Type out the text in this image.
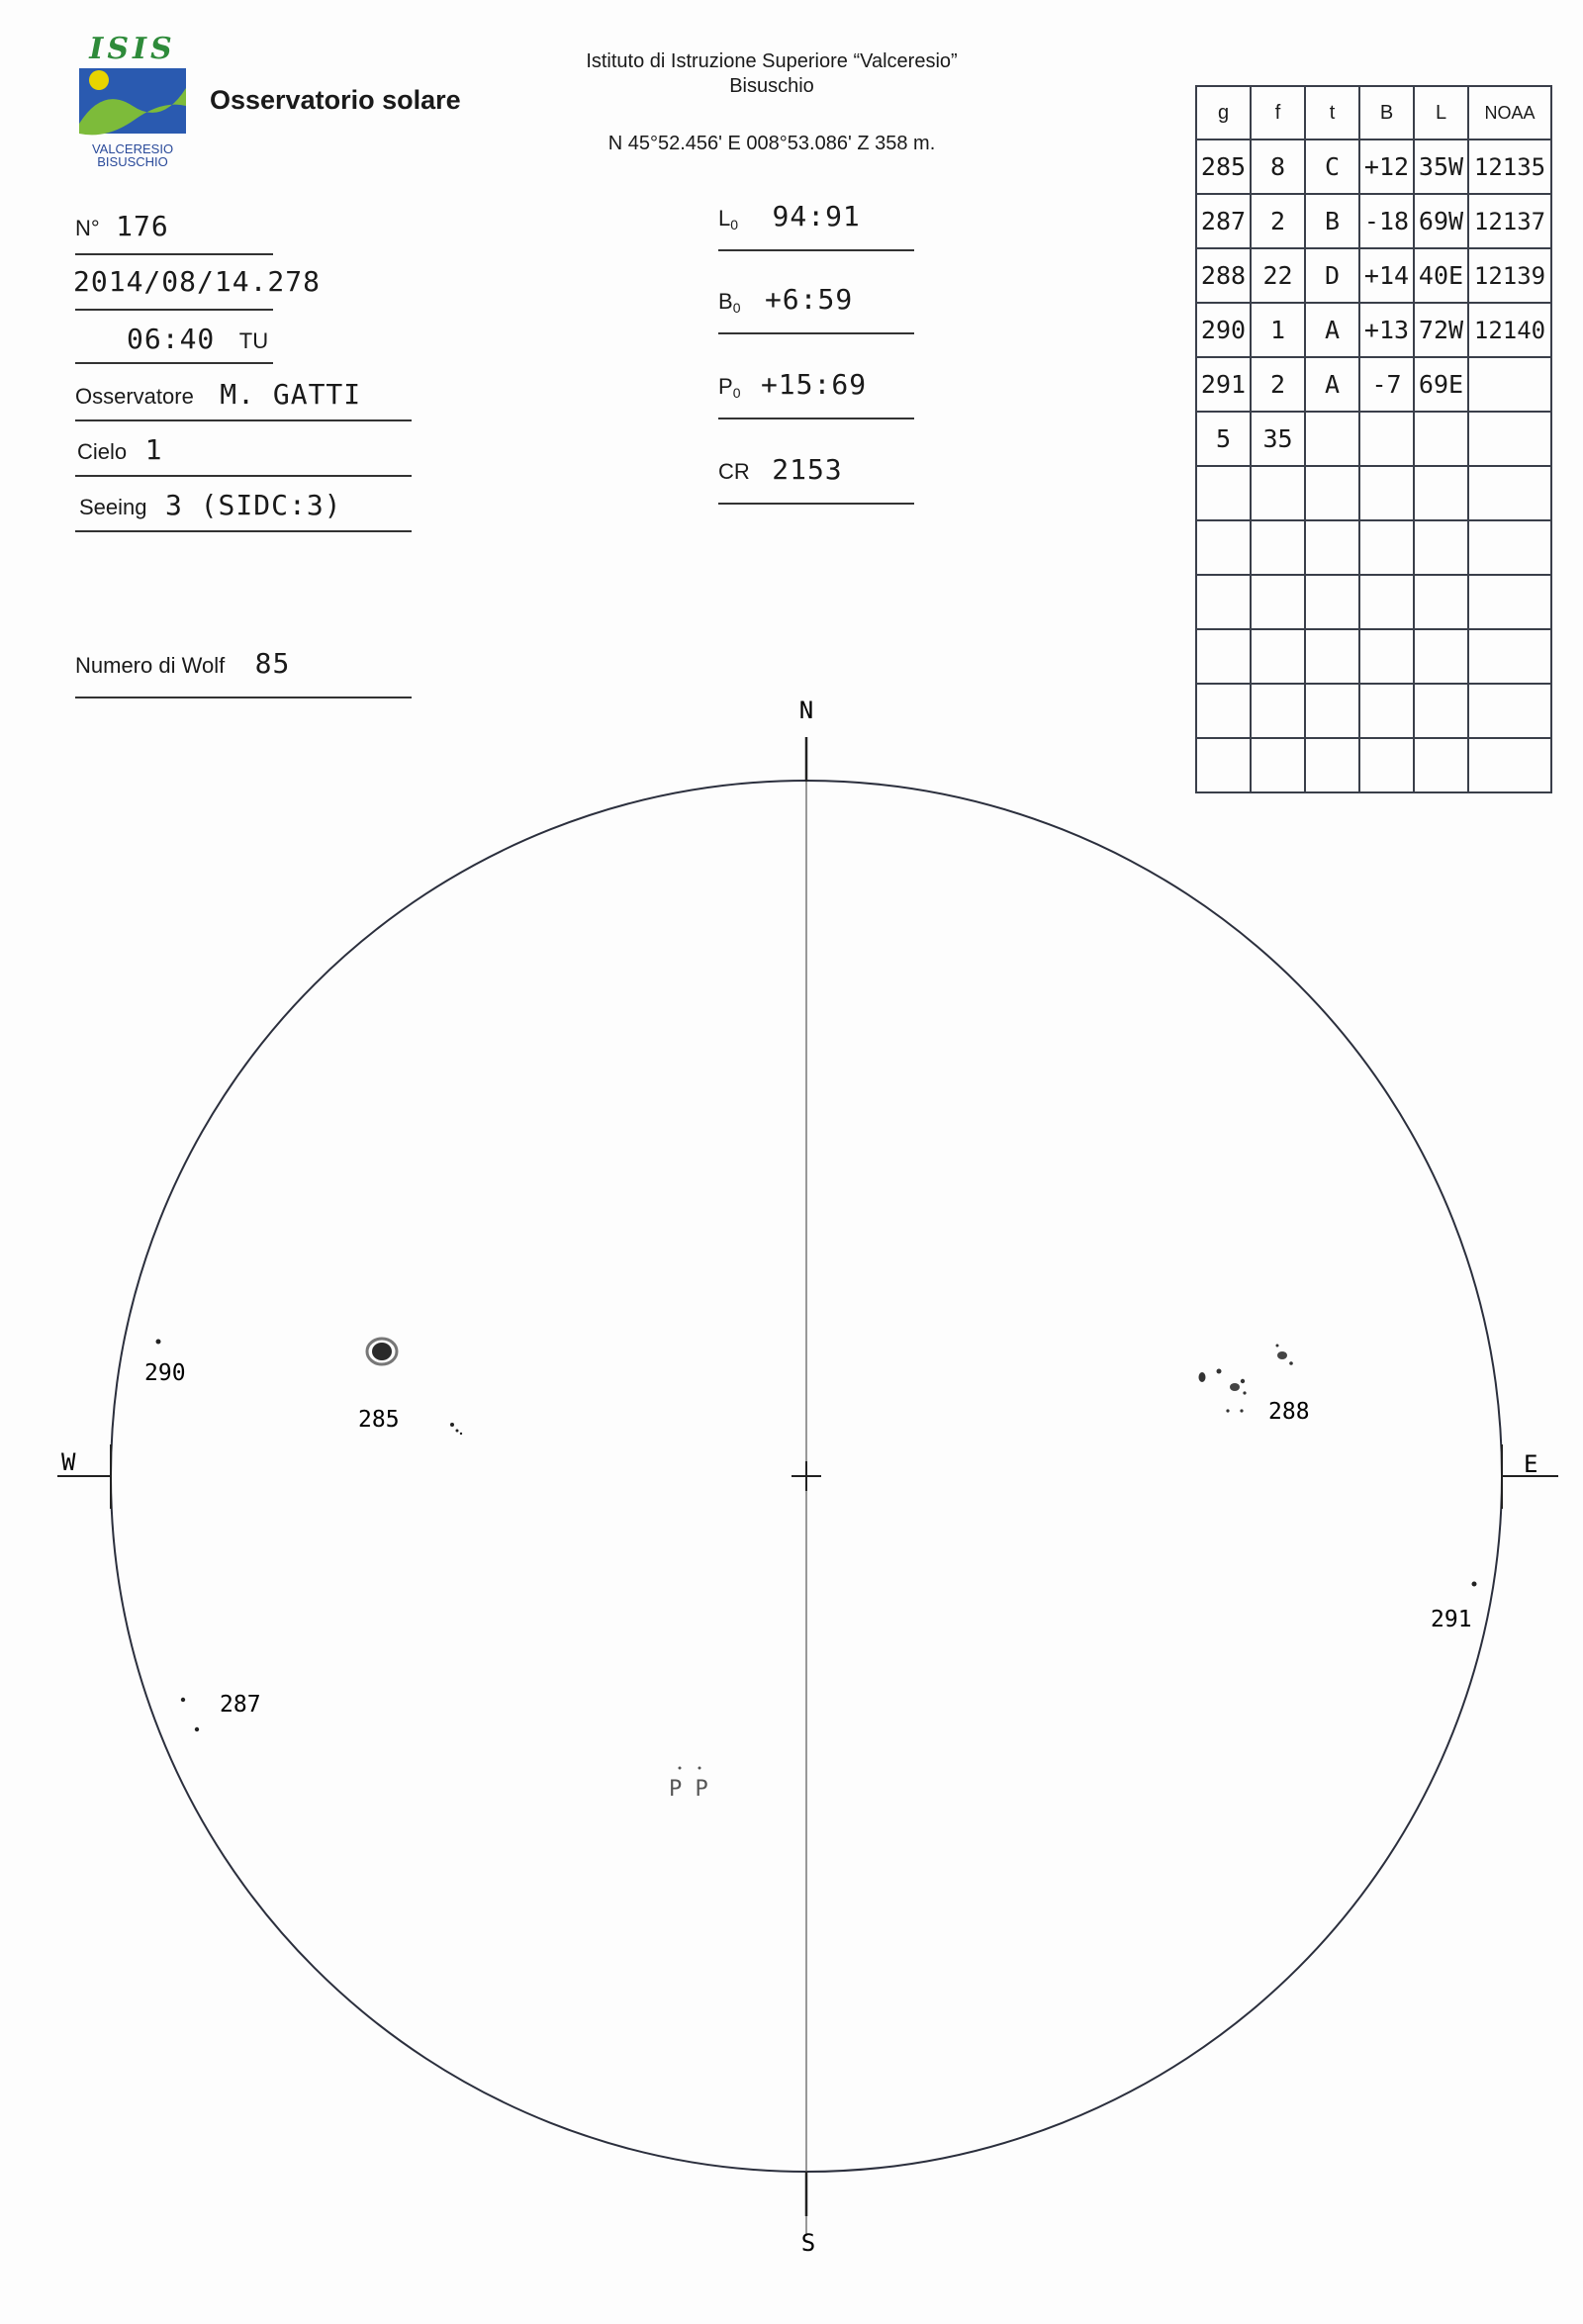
ISIS
VALCERESIO BISUSCHIO
Osservatorio solare
Istituto di Istruzione Superiore “Valceresio”
Bisuschio
N 45°52.456' E 008°53.086' Z 358 m.
N° 176
2014/08/14.278
06:40 TU
Osservatore M. GATTI
Cielo 1
Seeing 3 (SIDC:3)
Numero di Wolf 85
$L_0$ 94:91
$B_0$ +6:59
$P_0$ +15:69
CR 2153
g	f	t	B	L	NOAA
285	8	C	+12	35W	12135
287	2	B	-18	69W	12137
288	22	D	+14	40E	12139
290	1	A	+13	72W	12140
291	2	A	-7	69E	
5	35				

N
S
W	E
285
290
287
288
291
P P
